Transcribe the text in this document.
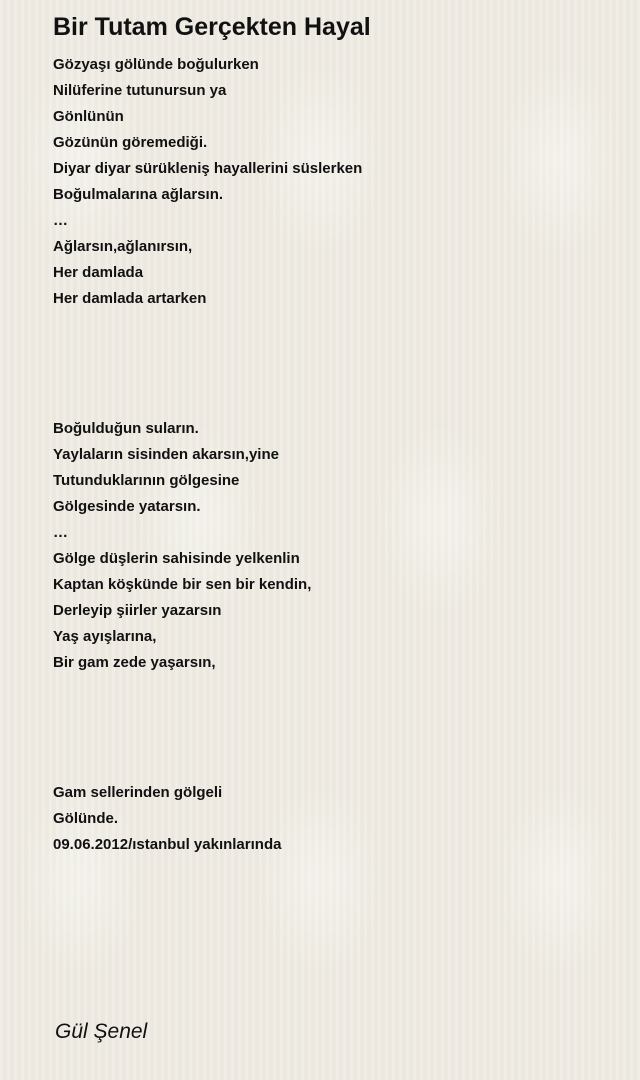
Bir Tutam Gerçekten Hayal
Gözyaşı gölünde boğulurken
Nilüferine tutunursun ya
Gönlünün
Gözünün göremediği.
Diyar diyar sürükleniş hayallerini süslerken
Boğulmalarına ağlarsın.
…
Ağlarsın,ağlanırsın,
Her damlada
Her damlada artarken
Boğulduğun suların.
Yaylaların sisinden akarsın,yine
Tutunduklarının gölgesine
Gölgesinde yatarsın.
…
Gölge düşlerin sahisinde yelkenlin
Kaptan köşkünde bir sen bir kendin,
Derleyip şiirler yazarsın
Yaş ayışlarına,
Bir gam zede yaşarsın,
Gam sellerinden gölgeli
Gölünde.
09.06.2012/ıstanbul yakınlarında
Gül Şenel
